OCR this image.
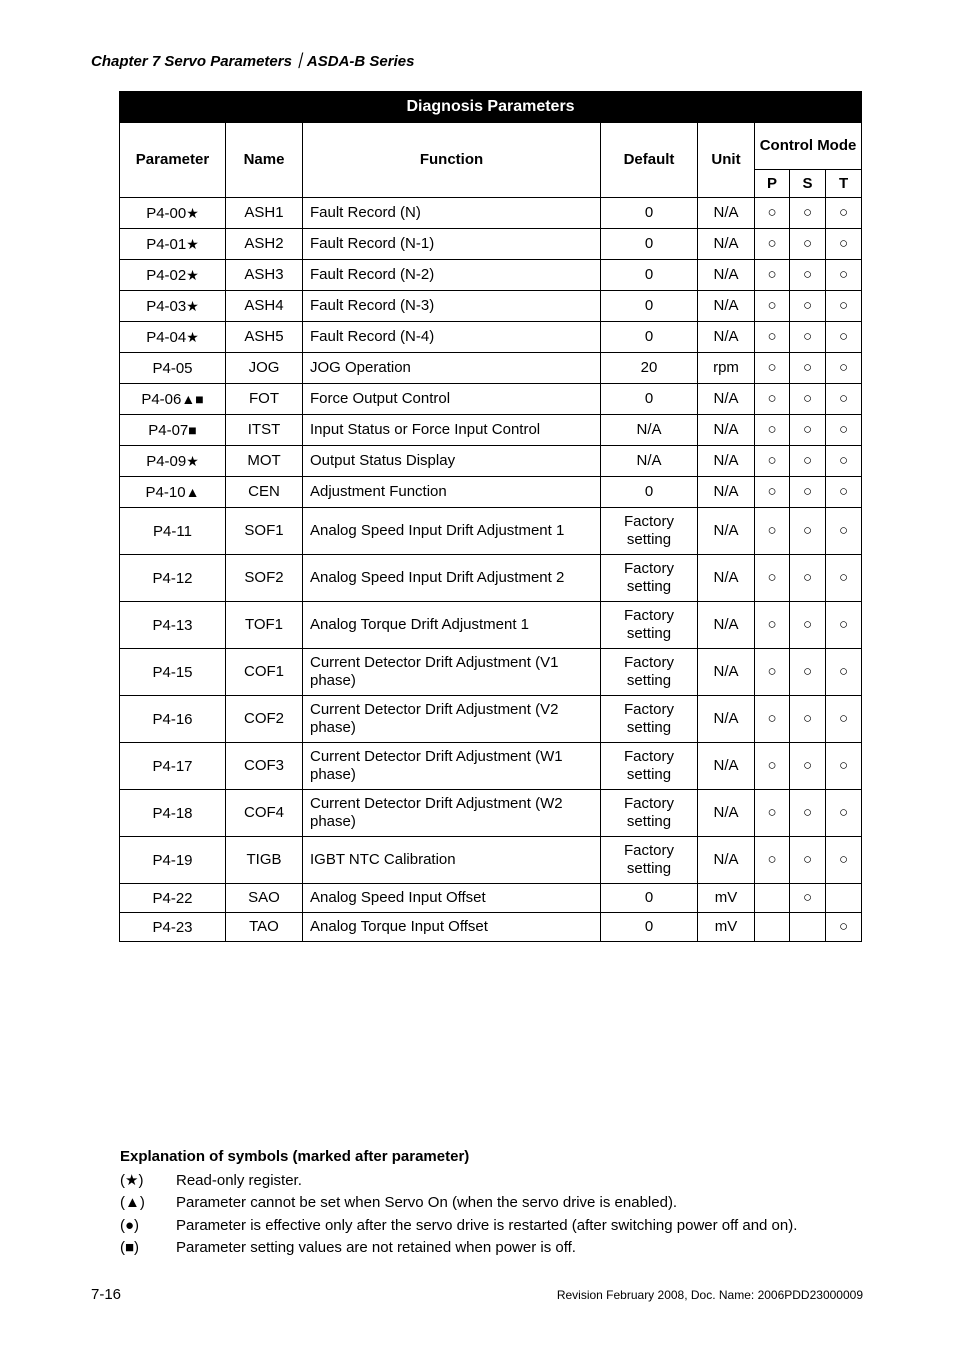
Chapter 7 Servo Parameters｜ASDA-B Series
Diagnosis Parameters							
Parameter	Name	Function	Default	Unit	Control Mode		
					P	S	T
P4-00★	ASH1	Fault Record (N)	0	N/A	○	○	○
P4-01★	ASH2	Fault Record (N-1)	0	N/A	○	○	○
P4-02★	ASH3	Fault Record (N-2)	0	N/A	○	○	○
P4-03★	ASH4	Fault Record (N-3)	0	N/A	○	○	○
P4-04★	ASH5	Fault Record (N-4)	0	N/A	○	○	○
P4-05	JOG	JOG Operation	20	rpm	○	○	○
P4-06▲■	FOT	Force Output Control	0	N/A	○	○	○
P4-07■	ITST	Input Status or Force Input Control	N/A	N/A	○	○	○
P4-09★	MOT	Output Status Display	N/A	N/A	○	○	○
P4-10▲	CEN	Adjustment Function	0	N/A	○	○	○
P4-11	SOF1	Analog Speed Input Drift Adjustment 1	Factory setting	N/A	○	○	○
P4-12	SOF2	Analog Speed Input Drift Adjustment 2	Factory setting	N/A	○	○	○
P4-13	TOF1	Analog Torque Drift Adjustment 1	Factory setting	N/A	○	○	○
P4-15	COF1	Current Detector Drift Adjustment (V1 phase)	Factory setting	N/A	○	○	○
P4-16	COF2	Current Detector Drift Adjustment (V2 phase)	Factory setting	N/A	○	○	○
P4-17	COF3	Current Detector Drift Adjustment (W1 phase)	Factory setting	N/A	○	○	○
P4-18	COF4	Current Detector Drift Adjustment (W2 phase)	Factory setting	N/A	○	○	○
P4-19	TIGB	IGBT NTC Calibration	Factory setting	N/A	○	○	○
P4-22	SAO	Analog Speed Input Offset	0	mV		○	
P4-23	TAO	Analog Torque Input Offset	0	mV			○
Explanation of symbols (marked after parameter)
(★)	Read-only register.
(▲)	Parameter cannot be set when Servo On (when the servo drive is enabled).
(●)	Parameter is effective only after the servo drive is restarted (after switching power off and on).
(■)	Parameter setting values are not retained when power is off.
7-16	Revision February 2008, Doc. Name: 2006PDD23000009
